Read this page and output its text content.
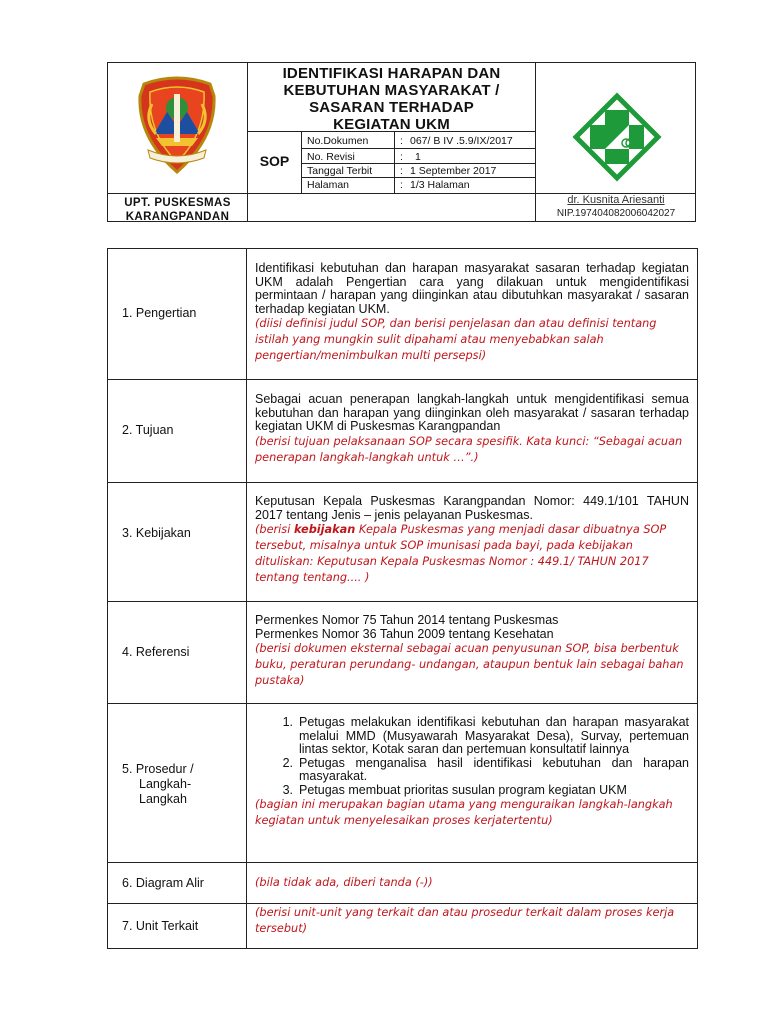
IDENTIFIKASI HARAPAN DAN
KEBUTUHAN MASYARAKAT /
SASARAN TERHADAP
KEGIATAN UKM
SOP
No.Dokumen	: 067/ B IV .5.9/IX/2017
No. Revisi	:	1
Tanggal Terbit	: 1 September 2017
Halaman	: 1/3 Halaman
UPT. PUSKESMAS
KARANGPANDAN
dr. Kusnita Ariesanti
NIP.197404082006042027
1. Pengertian
Identifikasi kebutuhan dan harapan masyarakat sasaran terhadap kegiatan UKM adalah Pengertian cara yang dilakuan untuk mengidentifikasi permintaan / harapan yang diinginkan atau dibutuhkan masyarakat / sasaran terhadap kegiatan UKM.
(diisi definisi judul SOP, dan berisi penjelasan dan atau definisi tentang istilah yang mungkin sulit dipahami atau menyebabkan salah pengertian/menimbulkan multi persepsi)
2. Tujuan
Sebagai acuan penerapan langkah-langkah untuk mengidentifikasi semua kebutuhan dan harapan yang diinginkan oleh masyarakat / sasaran terhadap kegiatan UKM di Puskesmas Karangpandan
(berisi tujuan pelaksanaan SOP secara spesifik. Kata kunci: “Sebagai acuan penerapan langkah-langkah untuk …”.)
3. Kebijakan
Keputusan Kepala Puskesmas Karangpandan Nomor: 449.1/101 TAHUN 2017 tentang Jenis – jenis pelayanan Puskesmas.
(berisi kebijakan Kepala Puskesmas yang menjadi dasar dibuatnya SOP tersebut, misalnya untuk SOP imunisasi pada bayi, pada kebijakan dituliskan: Keputusan Kepala Puskesmas Nomor : 449.1/ TAHUN 2017 tentang tentang.... )
4. Referensi
Permenkes Nomor 75 Tahun 2014 tentang Puskesmas
Permenkes Nomor 36 Tahun 2009 tentang Kesehatan
(berisi dokumen eksternal sebagai acuan penyusunan SOP, bisa berbentuk buku, peraturan perundang- undangan, ataupun bentuk lain sebagai bahan pustaka)
5. Prosedur /
Langkah-
Langkah
1. Petugas melakukan identifikasi kebutuhan dan harapan masyarakat melalui MMD (Musyawarah Masyarakat Desa), Survay, pertemuan lintas sektor, Kotak saran dan pertemuan konsultatif lainnya
2. Petugas menganalisa hasil identifikasi kebutuhan dan harapan masyarakat.
3. Petugas membuat prioritas susulan program kegiatan UKM
(bagian ini merupakan bagian utama yang menguraikan langkah-langkah kegiatan untuk menyelesaikan proses kerjatertentu)
6. Diagram Alir	(bila tidak ada, diberi tanda (-))
7. Unit Terkait
(berisi unit-unit yang terkait dan atau prosedur terkait dalam proses kerja tersebut)
